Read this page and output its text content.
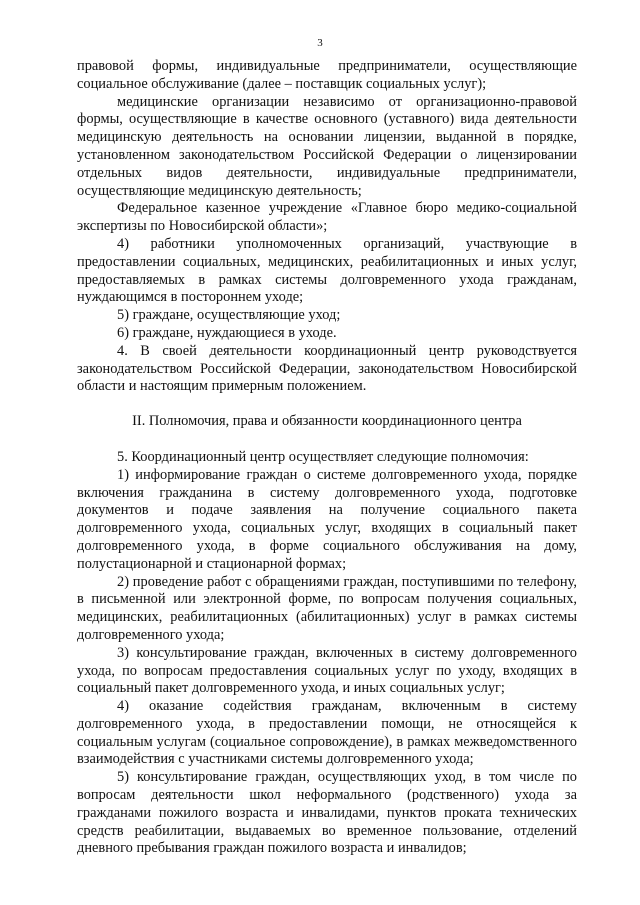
3

правовой формы, индивидуальные предприниматели, осуществляющие социальное обслуживание (далее – поставщик социальных услуг);

медицинские организации независимо от организационно-правовой формы, осуществляющие в качестве основного (уставного) вида деятельности медицинскую деятельность на основании лицензии, выданной в порядке, установленном законодательством Российской Федерации о лицензировании отдельных видов деятельности, индивидуальные предприниматели, осуществляющие медицинскую деятельность;

Федеральное казенное учреждение «Главное бюро медико-социальной экспертизы по Новосибирской области»;

4) работники уполномоченных организаций, участвующие в предоставлении социальных, медицинских, реабилитационных и иных услуг, предоставляемых в рамках системы долговременного ухода гражданам, нуждающимся в постороннем уходе;

5) граждане, осуществляющие уход;

6) граждане, нуждающиеся в уходе.

4. В своей деятельности координационный центр руководствуется законодательством Российской Федерации, законодательством Новосибирской области и настоящим примерным положением.

II. Полномочия, права и обязанности координационного центра

5. Координационный центр осуществляет следующие полномочия:

1) информирование граждан о системе долговременного ухода, порядке включения гражданина в систему долговременного ухода, подготовке документов и подаче заявления на получение социального пакета долговременного ухода, социальных услуг, входящих в социальный пакет долговременного ухода, в форме социального обслуживания на дому, полустационарной и стационарной формах;

2) проведение работ с обращениями граждан, поступившими по телефону, в письменной или электронной форме, по вопросам получения социальных, медицинских, реабилитационных (абилитационных) услуг в рамках системы долговременного ухода;

3) консультирование граждан, включенных в систему долговременного ухода, по вопросам предоставления социальных услуг по уходу, входящих в социальный пакет долговременного ухода, и иных социальных услуг;

4) оказание содействия гражданам, включенным в систему долговременного ухода, в предоставлении помощи, не относящейся к социальным услугам (социальное сопровождение), в рамках межведомственного взаимодействия с участниками системы долговременного ухода;

5) консультирование граждан, осуществляющих уход, в том числе по вопросам деятельности школ неформального (родственного) ухода за гражданами пожилого возраста и инвалидами, пунктов проката технических средств реабилитации, выдаваемых во временное пользование, отделений дневного пребывания граждан пожилого возраста и инвалидов;
